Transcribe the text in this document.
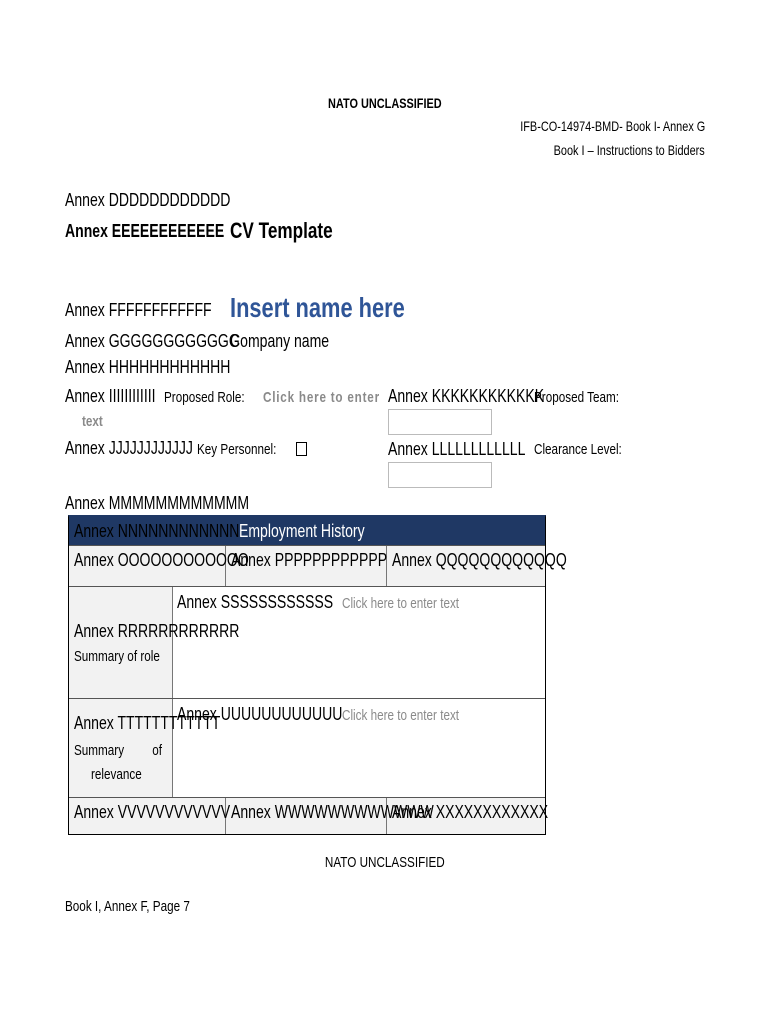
NATO UNCLASSIFIED
IFB-CO-14974-BMD- Book I- Annex G
Book I – Instructions to Bidders
Annex DDDDDDDDDDDD
Annex EEEEEEEEEEEE CV Template
Annex FFFFFFFFFFFF Insert name here
Annex GGGGGGGGGGGG
Company name
Annex HHHHHHHHHHHH
Annex IIIIIIIIIIII Proposed Role:	Click here to enter
text
Annex KKKKKKKKKKKK
Proposed Team:
Annex JJJJJJJJJJJJ Key Personnel:	Annex LLLLLLLLLLLL Clearance Level:
Annex MMMMMMMMMMMM
Annex NNNNNNNNNNNN Employment History
Annex OOOOOOOOOOOO
Annex PPPPPPPPPPPP Annex QQQQQQQQQQQQ
Annex RRRRRRRRRRRR
Summary of role
Annex SSSSSSSSSSSS Click here to enter text
Annex TTTTTTTTTTTT
Summary of
relevance
Annex UUUUUUUUUUUU Click here to enter text
Annex VVVVVVVVVVVV Annex WWWWWWWWWWWW
Annex XXXXXXXXXXXX
NATO UNCLASSIFIED
Book I, Annex F, Page 7
